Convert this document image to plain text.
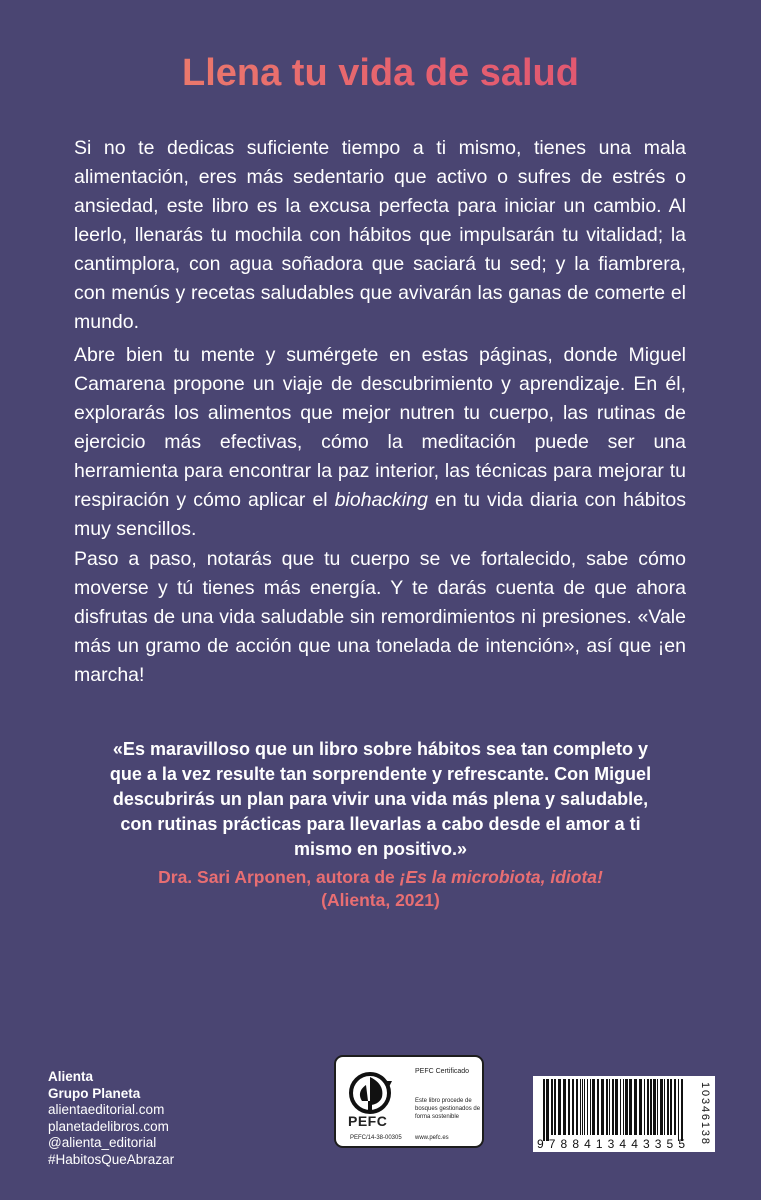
Llena tu vida de salud

Si no te dedicas suficiente tiempo a ti mismo, tienes una mala alimentación, eres más sedentario que activo o sufres de estrés o ansiedad, este libro es la excusa perfecta para iniciar un cambio. Al leerlo, llenarás tu mochila con hábitos que impulsarán tu vitalidad; la cantimplora, con agua soñadora que saciará tu sed; y la fiambrera, con menús y recetas saludables que avivarán las ganas de comerte el mundo.

Abre bien tu mente y sumérgete en estas páginas, donde Miguel Camarena propone un viaje de descubrimiento y aprendizaje. En él, explorarás los alimentos que mejor nutren tu cuerpo, las rutinas de ejercicio más efectivas, cómo la meditación puede ser una herramienta para encontrar la paz interior, las técnicas para mejorar tu respiración y cómo aplicar el biohacking en tu vida diaria con hábitos muy sencillos.

Paso a paso, notarás que tu cuerpo se ve fortalecido, sabe cómo moverse y tú tienes más energía. Y te darás cuenta de que ahora disfrutas de una vida saludable sin remordimientos ni presiones. «Vale más un gramo de acción que una tonelada de intención», así que ¡en marcha!

«Es maravilloso que un libro sobre hábitos sea tan completo y que a la vez resulte tan sorprendente y refrescante. Con Miguel descubrirás un plan para vivir una vida más plena y saludable, con rutinas prácticas para llevarlas a cabo desde el amor a ti mismo en positivo.»

Dra. Sari Arponen, autora de ¡Es la microbiota, idiota!
(Alienta, 2021)
Alienta
Grupo Planeta
alientaeditorial.com
planetadelibros.com
@alienta_editorial
#HabitosQueAbrazar
PEFC
PEFC Certificado
Este libro procede de bosques gestionados de forma sostenible
PEFC/14-38-00305 www.pefc.es	9788413443355
10346138
